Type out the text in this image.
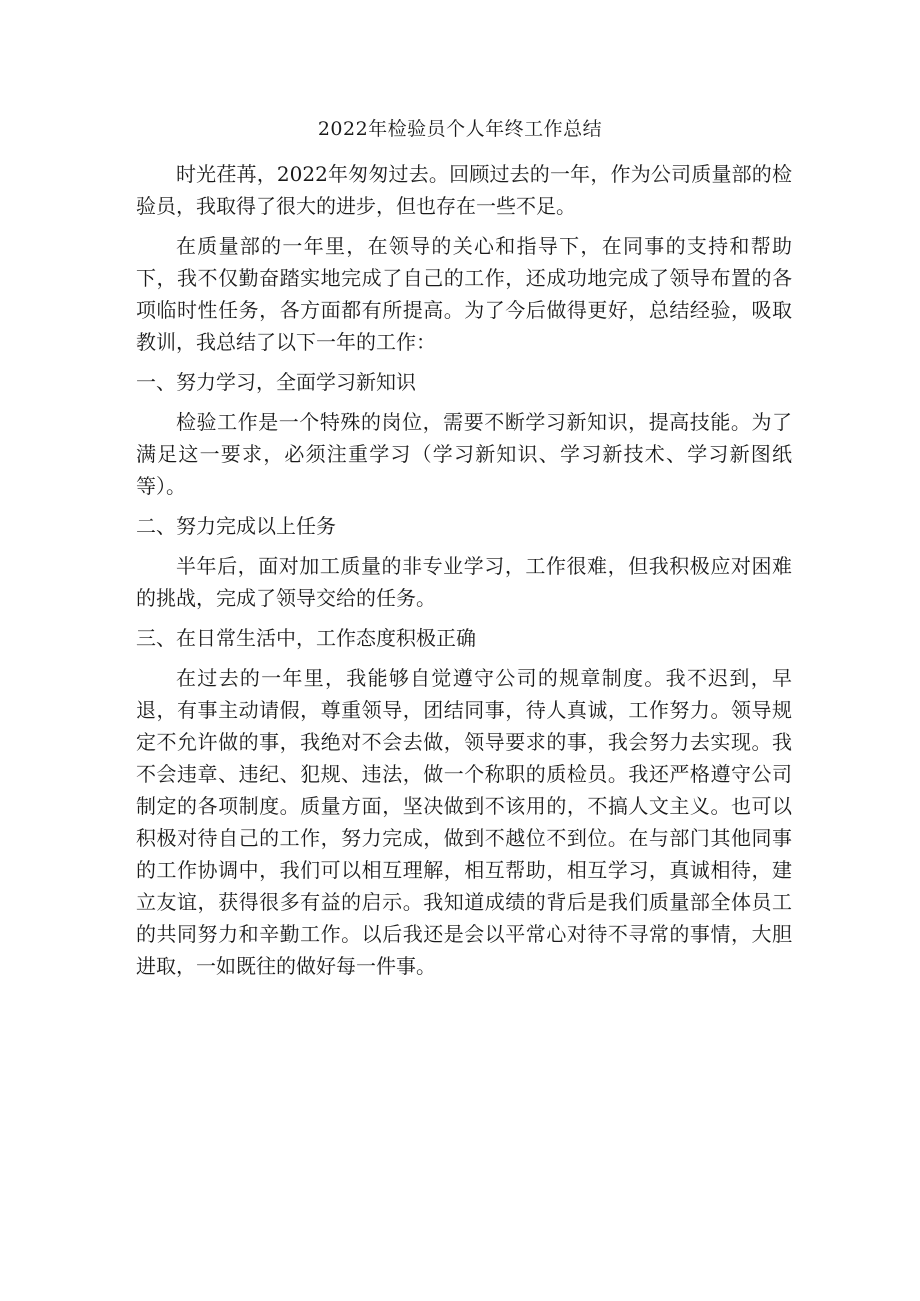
2022年检验员个人年终工作总结

时光荏苒，2022年匆匆过去。回顾过去的一年，作为公司质量部的检验员，我取得了很大的进步，但也存在一些不足。

在质量部的一年里，在领导的关心和指导下，在同事的支持和帮助下，我不仅勤奋踏实地完成了自己的工作，还成功地完成了领导布置的各项临时性任务，各方面都有所提高。为了今后做得更好，总结经验，吸取教训，我总结了以下一年的工作：

一、努力学习，全面学习新知识

检验工作是一个特殊的岗位，需要不断学习新知识，提高技能。为了满足这一要求，必须注重学习（学习新知识、学习新技术、学习新图纸等）。

二、努力完成以上任务

半年后，面对加工质量的非专业学习，工作很难，但我积极应对困难的挑战，完成了领导交给的任务。

三、在日常生活中，工作态度积极正确

在过去的一年里，我能够自觉遵守公司的规章制度。我不迟到，早退，有事主动请假，尊重领导，团结同事，待人真诚，工作努力。领导规定不允许做的事，我绝对不会去做，领导要求的事，我会努力去实现。我不会违章、违纪、犯规、违法，做一个称职的质检员。我还严格遵守公司制定的各项制度。质量方面，坚决做到不该用的，不搞人文主义。也可以积极对待自己的工作，努力完成，做到不越位不到位。在与部门其他同事的工作协调中，我们可以相互理解，相互帮助，相互学习，真诚相待，建立友谊，获得很多有益的启示。我知道成绩的背后是我们质量部全体员工的共同努力和辛勤工作。以后我还是会以平常心对待不寻常的事情，大胆进取，一如既往的做好每一件事。
